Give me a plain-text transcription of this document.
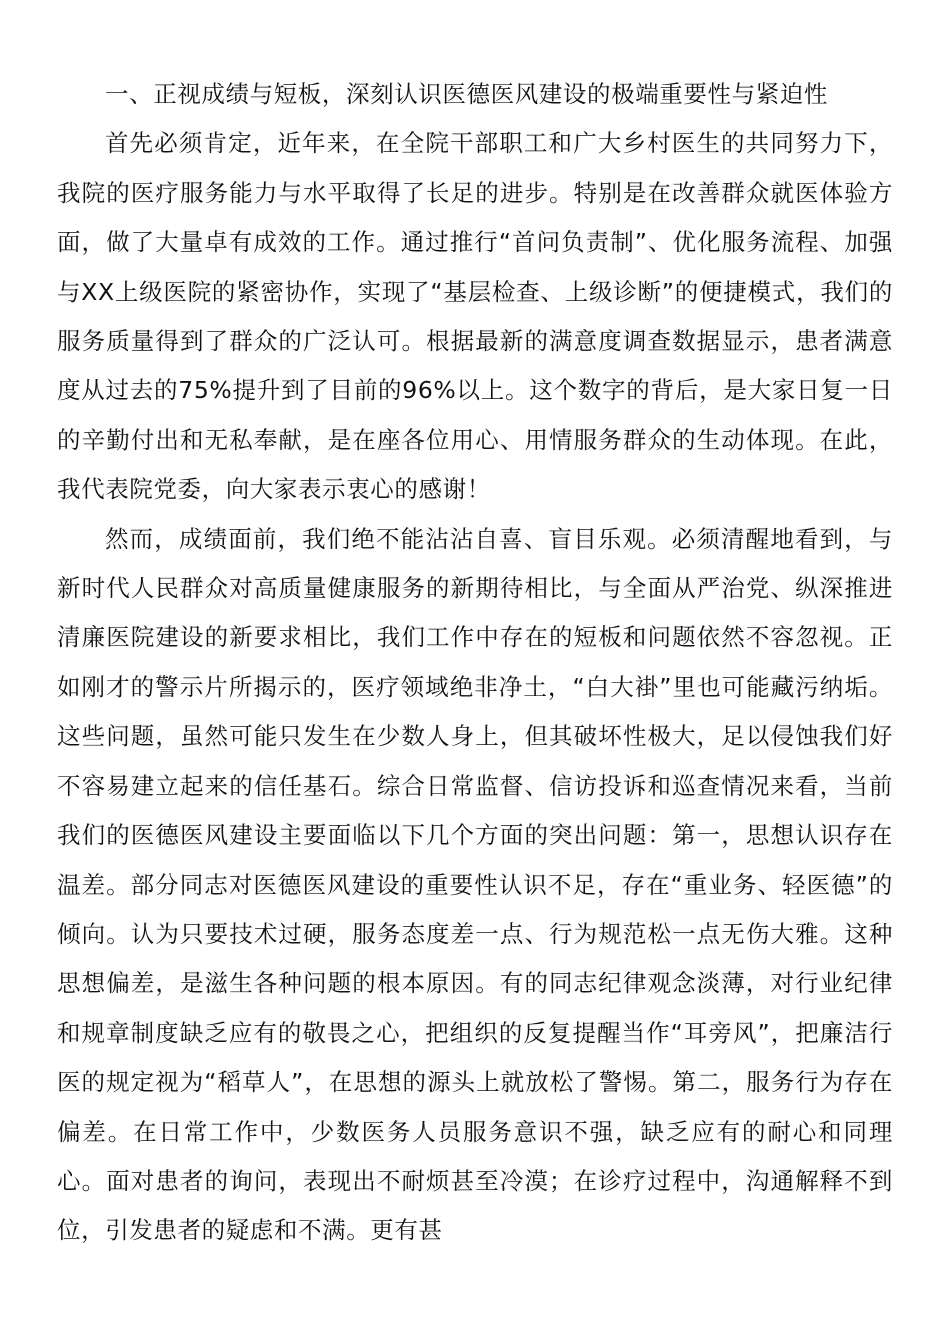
一、正视成绩与短板，深刻认识医德医风建设的极端重要性与紧迫性

首先必须肯定，近年来，在全院干部职工和广大乡村医生的共同努力下，我院的医疗服务能力与水平取得了长足的进步。特别是在改善群众就医体验方面，做了大量卓有成效的工作。通过推行“首问负责制”、优化服务流程、加强与XX上级医院的紧密协作，实现了“基层检查、上级诊断”的便捷模式，我们的服务质量得到了群众的广泛认可。根据最新的满意度调查数据显示，患者满意度从过去的75%提升到了目前的96%以上。这个数字的背后，是大家日复一日的辛勤付出和无私奉献，是在座各位用心、用情服务群众的生动体现。在此，我代表院党委，向大家表示衷心的感谢！

然而，成绩面前，我们绝不能沾沾自喜、盲目乐观。必须清醒地看到，与新时代人民群众对高质量健康服务的新期待相比，与全面从严治党、纵深推进清廉医院建设的新要求相比，我们工作中存在的短板和问题依然不容忽视。正如刚才的警示片所揭示的，医疗领域绝非净土，“白大褂”里也可能藏污纳垢。这些问题，虽然可能只发生在少数人身上，但其破坏性极大，足以侵蚀我们好不容易建立起来的信任基石。综合日常监督、信访投诉和巡查情况来看，当前我们的医德医风建设主要面临以下几个方面的突出问题：第一，思想认识存在温差。部分同志对医德医风建设的重要性认识不足，存在“重业务、轻医德”的倾向。认为只要技术过硬，服务态度差一点、行为规范松一点无伤大雅。这种思想偏差，是滋生各种问题的根本原因。有的同志纪律观念淡薄，对行业纪律和规章制度缺乏应有的敬畏之心，把组织的反复提醒当作“耳旁风”，把廉洁行医的规定视为“稻草人”，在思想的源头上就放松了警惕。第二，服务行为存在偏差。在日常工作中，少数医务人员服务意识不强，缺乏应有的耐心和同理心。面对患者的询问，表现出不耐烦甚至冷漠；在诊疗过程中，沟通解释不到位，引发患者的疑虑和不满。更有甚
